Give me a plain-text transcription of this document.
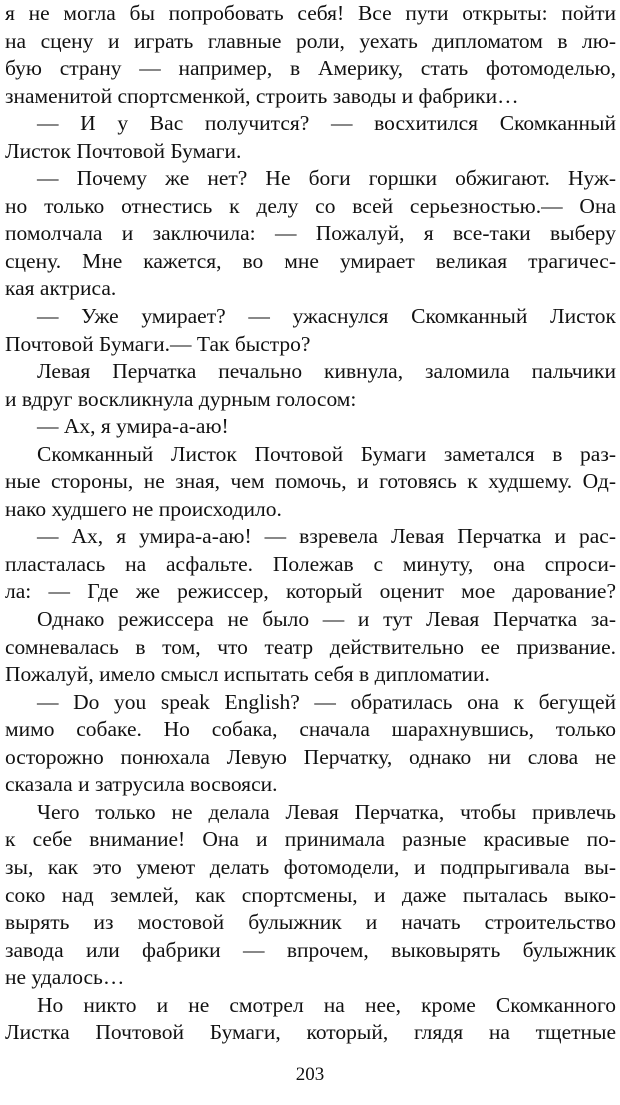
я не могла бы попробовать себя! Все пути открыты: пойти
на сцену и играть главные роли, уехать дипломатом в лю-
бую страну — например, в Америку, стать фотомоделью,
знаменитой спортсменкой, строить заводы и фабрики…
— И у Вас получится? — восхитился Скомканный
Листок Почтовой Бумаги.
— Почему же нет? Не боги горшки обжигают. Нуж-
но только отнестись к делу со всей серьезностью.— Она
помолчала и заключила: — Пожалуй, я все-таки выберу
сцену. Мне кажется, во мне умирает великая трагичес-
кая актриса.
— Уже умирает? — ужаснулся Скомканный Листок
Почтовой Бумаги.— Так быстро?
Левая Перчатка печально кивнула, заломила пальчики
и вдруг воскликнула дурным голосом:
— Ах, я умира-а-аю!
Скомканный Листок Почтовой Бумаги заметался в раз-
ные стороны, не зная, чем помочь, и готовясь к худшему. Од-
нако худшего не происходило.
— Ах, я умира-а-аю! — взревела Левая Перчатка и рас-
пласталась на асфальте. Полежав с минуту, она спроси-
ла: — Где же режиссер, который оценит мое дарование?
Однако режиссера не было — и тут Левая Перчатка за-
сомневалась в том, что театр действительно ее призвание.
Пожалуй, имело смысл испытать себя в дипломатии.
— Do you speak English? — обратилась она к бегущей
мимо собаке. Но собака, сначала шарахнувшись, только
осторожно понюхала Левую Перчатку, однако ни слова не
сказала и затрусила восвояси.
Чего только не делала Левая Перчатка, чтобы привлечь
к себе внимание! Она и принимала разные красивые по-
зы, как это умеют делать фотомодели, и подпрыгивала вы-
соко над землей, как спортсмены, и даже пыталась выко-
вырять из мостовой булыжник и начать строительство
завода или фабрики — впрочем, выковырять булыжник
не удалось…
Но никто и не смотрел на нее, кроме Скомканного
Листка Почтовой Бумаги, который, глядя на тщетные
203
